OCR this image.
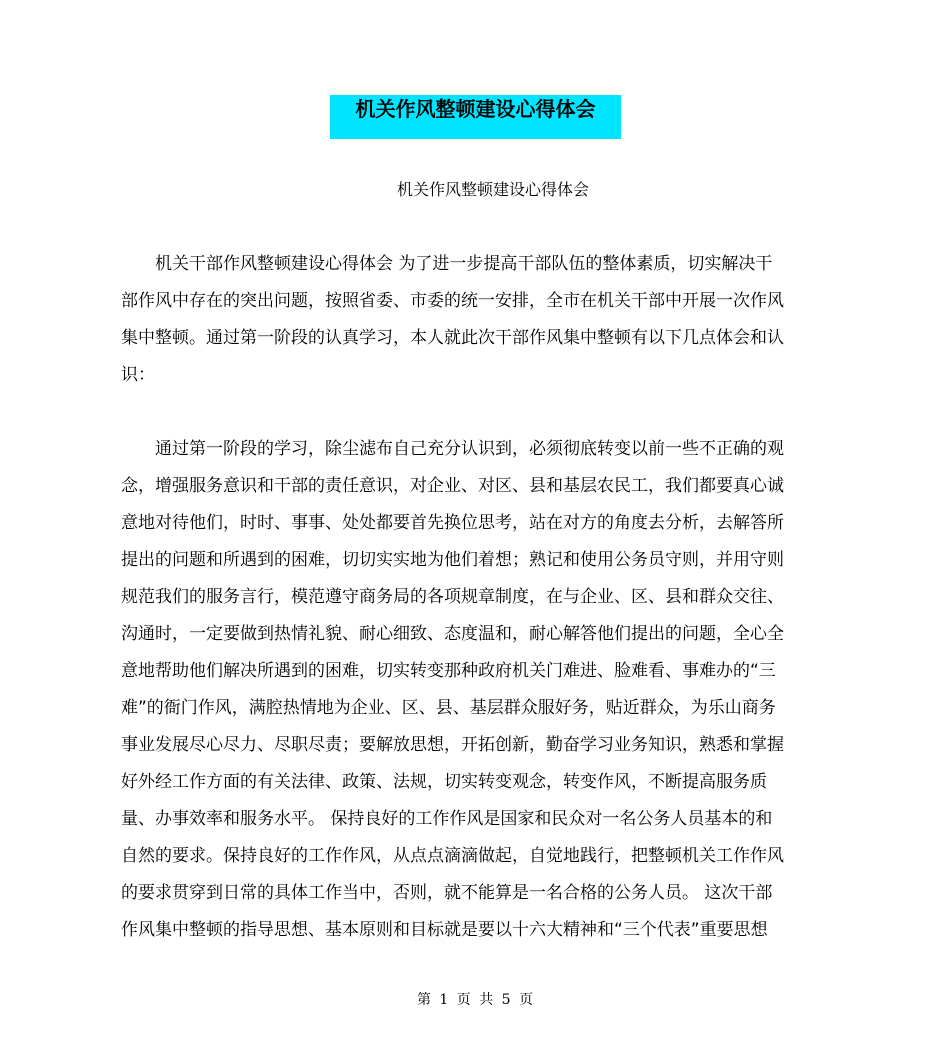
机关作风整顿建设心得体会
机关作风整顿建设心得体会
　　机关干部作风整顿建设心得体会 为了进一步提高干部队伍的整体素质，切实解决干
部作风中存在的突出问题，按照省委、市委的统一安排，全市在机关干部中开展一次作风
集中整顿。通过第一阶段的认真学习，本人就此次干部作风集中整顿有以下几点体会和认
识：
　　通过第一阶段的学习，除尘滤布自己充分认识到，必须彻底转变以前一些不正确的观
念，增强服务意识和干部的责任意识，对企业、对区、县和基层农民工，我们都要真心诚
意地对待他们，时时、事事、处处都要首先换位思考，站在对方的角度去分析，去解答所
提出的问题和所遇到的困难，切切实实地为他们着想；熟记和使用公务员守则，并用守则
规范我们的服务言行，模范遵守商务局的各项规章制度，在与企业、区、县和群众交往、
沟通时，一定要做到热情礼貌、耐心细致、态度温和，耐心解答他们提出的问题，全心全
意地帮助他们解决所遇到的困难，切实转变那种政府机关门难进、脸难看、事难办的“三
难”的衙门作风，满腔热情地为企业、区、县、基层群众服好务，贴近群众，为乐山商务
事业发展尽心尽力、尽职尽责；要解放思想，开拓创新，勤奋学习业务知识，熟悉和掌握
好外经工作方面的有关法律、政策、法规，切实转变观念，转变作风，不断提高服务质
量、办事效率和服务水平。 保持良好的工作作风是国家和民众对一名公务人员基本的和
自然的要求。保持良好的工作作风，从点点滴滴做起，自觉地践行，把整顿机关工作作风
的要求贯穿到日常的具体工作当中，否则，就不能算是一名合格的公务人员。 这次干部
作风集中整顿的指导思想、基本原则和目标就是要以十六大精神和“三个代表”重要思想
第 1 页 共 5 页
